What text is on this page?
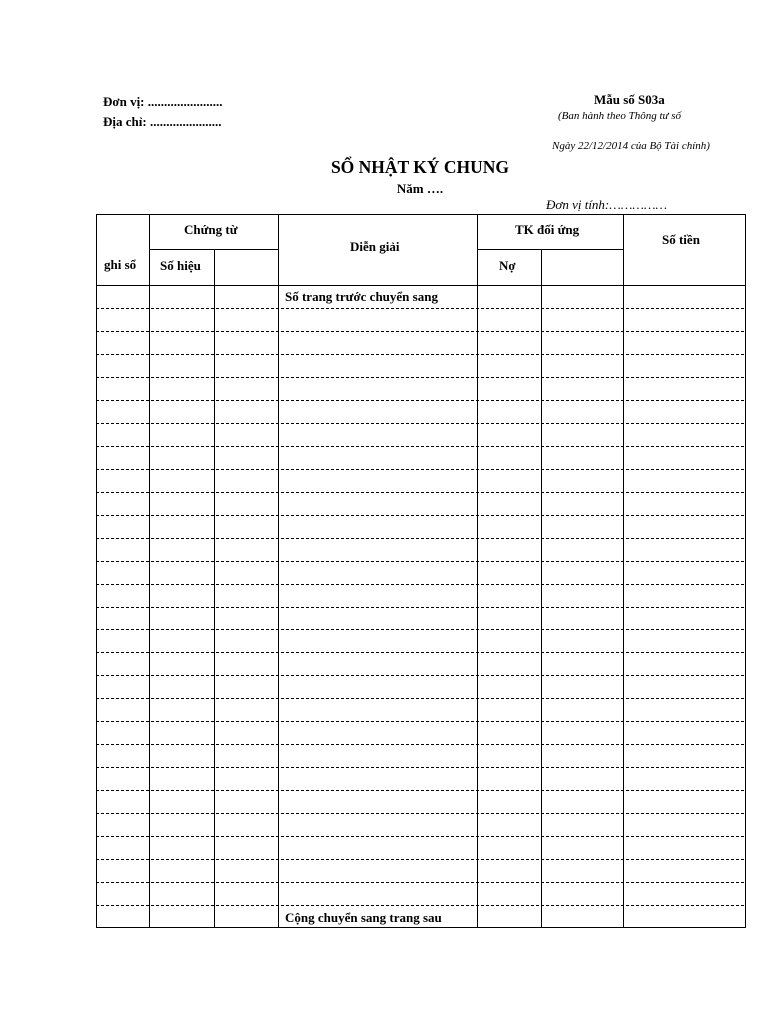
Đơn vị: .......................
Địa chỉ: ......................
Mẫu số S03a
(Ban hành theo Thông tư số
Ngày 22/12/2014 của Bộ Tài chính)
SỔ NHẬT KÝ CHUNG
Năm ….
Đơn vị tính:……………
ghi sổ
Chứng từ
Số hiệu
Diễn giải
TK đối ứng
Nợ
Số tiền
Số trang trước chuyển sang
Cộng chuyển sang trang sau
